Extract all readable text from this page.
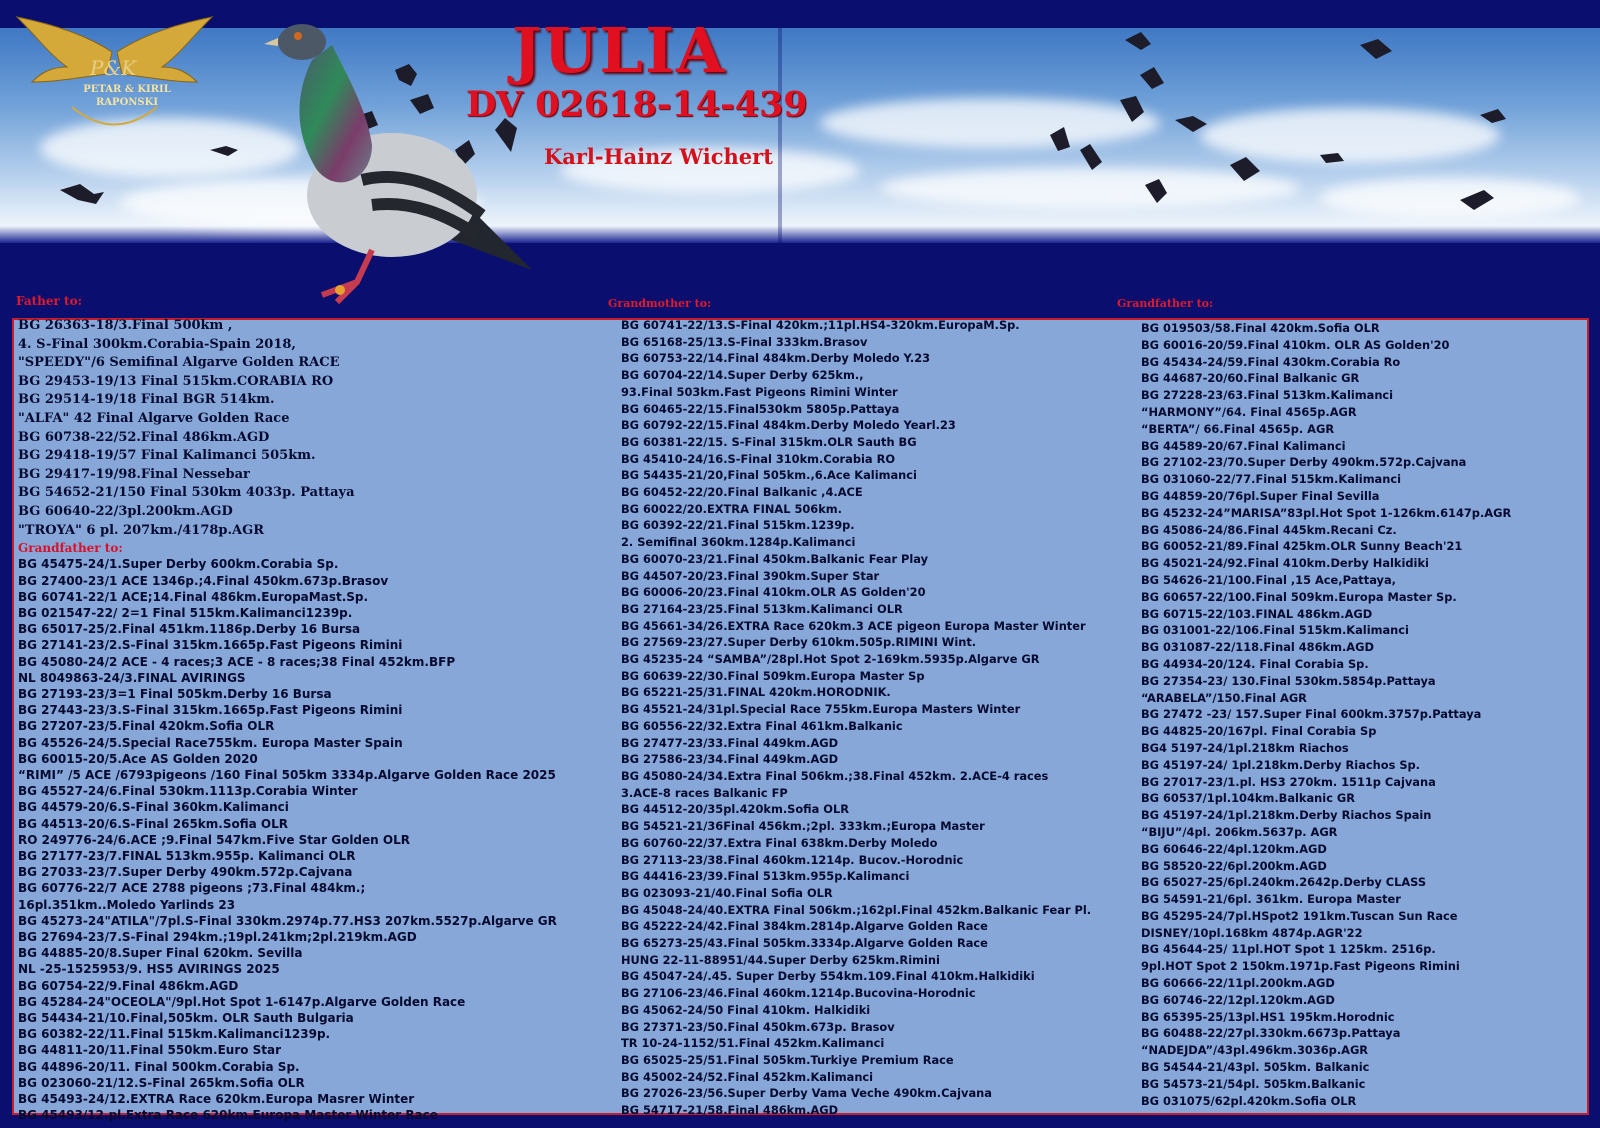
P&K
PETAR & KIRIL
RAPONSKI
JULIA
DV 02618-14-439
Karl-Hainz Wichert
Father to:	Grandmother to:	Grandfather to:
BG 26363-18/3.Final 500km ,
4. S-Final 300km.Corabia-Spain 2018,
"SPEEDY"/6 Semifinal Algarve Golden RACE
BG 29453-19/13 Final 515km.CORABIA RO
BG 29514-19/18 Final BGR 514km.
"ALFA" 42 Final Algarve Golden Race
BG 60738-22/52.Final 486km.AGD
BG 29418-19/57 Final Kalimanci 505km.
BG 29417-19/98.Final Nessebar
BG 54652-21/150 Final 530km 4033p. Pattaya
BG 60640-22/3pl.200km.AGD
"TROYA" 6 pl. 207km./4178p.AGR
Grandfather to:
BG 45475-24/1.Super Derby 600km.Corabia Sp.
BG 27400-23/1 ACE 1346p.;4.Final 450km.673p.Brasov
BG 60741-22/1 ACE;14.Final 486km.EuropaMast.Sp.
BG 021547-22/ 2=1 Final 515km.Kalimanci1239p.
BG 65017-25/2.Final 451km.1186p.Derby 16 Bursa
BG 27141-23/2.S-Final 315km.1665p.Fast Pigeons Rimini
BG 45080-24/2 ACE - 4 races;3 ACE - 8 races;38 Final 452km.BFP
NL 8049863-24/3.FINAL AVIRINGS
BG 27193-23/3=1 Final 505km.Derby 16 Bursa
BG 27443-23/3.S-Final 315km.1665p.Fast Pigeons Rimini
BG 27207-23/5.Final 420km.Sofia OLR
BG 45526-24/5.Special Race755km. Europa Master Spain
BG 60015-20/5.Ace AS Golden 2020
“RIMI” /5 ACE /6793pigeons /160 Final 505km 3334p.Algarve Golden Race 2025
BG 45527-24/6.Final 530km.1113p.Corabia Winter
BG 44579-20/6.S-Final 360km.Kalimanci
BG 44513-20/6.S-Final 265km.Sofia OLR
RO 249776-24/6.ACE ;9.Final 547km.Five Star Golden OLR
BG 27177-23/7.FINAL 513km.955p. Kalimanci OLR
BG 27033-23/7.Super Derby 490km.572p.Cajvana
BG 60776-22/7 ACE 2788 pigeons ;73.Final 484km.;
16pl.351km..Moledo Yarlinds 23
BG 45273-24"ATILA"/7pl.S-Final 330km.2974p.77.HS3 207km.5527p.Algarve GR
BG 27694-23/7.S-Final 294km.;19pl.241km;2pl.219km.AGD
BG 44885-20/8.Super Final 620km. Sevilla
NL -25-1525953/9. HS5 AVIRINGS 2025
BG 60754-22/9.Final 486km.AGD
BG 45284-24"OCEOLA"/9pl.Hot Spot 1-6147p.Algarve Golden Race
BG 54434-21/10.Final,505km. OLR Sauth Bulgaria
BG 60382-22/11.Final 515km.Kalimanci1239p.
BG 44811-20/11.Final 550km.Euro Star
BG 44896-20/11. Final 500km.Corabia Sp.
BG 023060-21/12.S-Final 265km.Sofia OLR
BG 45493-24/12.EXTRA Race 620km.Europa Masrer Winter
BG 45493/12.pl.Extra Race 620km.Europa Master Winter Race
BG 60741-22/13.S-Final 420km.;11pl.HS4-320km.EuropaM.Sp.
BG 65168-25/13.S-Final 333km.Brasov
BG 60753-22/14.Final 484km.Derby Moledo Y.23
BG 60704-22/14.Super Derby 625km.,
93.Final 503km.Fast Pigeons Rimini Winter
BG 60465-22/15.Final530km 5805p.Pattaya
BG 60792-22/15.Final 484km.Derby Moledo Yearl.23
BG 60381-22/15. S-Final 315km.OLR Sauth BG
BG 45410-24/16.S-Final 310km.Corabia RO
BG 54435-21/20,Final 505km.,6.Ace Kalimanci
BG 60452-22/20.Final Balkanic ,4.ACE
BG 60022/20.EXTRA FINAL 506km.
BG 60392-22/21.Final 515km.1239p.
2. Semifinal 360km.1284p.Kalimanci
BG 60070-23/21.Final 450km.Balkanic Fear Play
BG 44507-20/23.Final 390km.Super Star
BG 60006-20/23.Final 410km.OLR AS Golden'20
BG 27164-23/25.Final 513km.Kalimanci OLR
BG 45661-34/26.EXTRA Race 620km.3 ACE pigeon Europa Master Winter
BG 27569-23/27.Super Derby 610km.505p.RIMINI Wint.
BG 45235-24 “SAMBA”/28pl.Hot Spot 2-169km.5935p.Algarve GR
BG 60639-22/30.Final 509km.Europa Master Sp
BG 65221-25/31.FINAL 420km.HORODNIK.
BG 45521-24/31pl.Special Race 755km.Europa Masters Winter
BG 60556-22/32.Extra Final 461km.Balkanic
BG 27477-23/33.Final 449km.AGD
BG 27586-23/34.Final 449km.AGD
BG 45080-24/34.Extra Final 506km.;38.Final 452km. 2.ACE-4 races
3.ACE-8 races Balkanic FP
BG 44512-20/35pl.420km.Sofia OLR
BG 54521-21/36Final 456km.;2pl. 333km.;Europa Master
BG 60760-22/37.Extra Final 638km.Derby Moledo
BG 27113-23/38.Final 460km.1214p. Bucov.-Horodnic
BG 44416-23/39.Final 513km.955p.Kalimanci
BG 023093-21/40.Final Sofia OLR
BG 45048-24/40.EXTRA Final 506km.;162pl.Final 452km.Balkanic Fear Pl.
BG 45222-24/42.Final 384km.2814p.Algarve Golden Race
BG 65273-25/43.Final 505km.3334p.Algarve Golden Race
HUNG 22-11-88951/44.Super Derby 625km.Rimini
BG 45047-24/.45. Super Derby 554km.109.Final 410km.Halkidiki
BG 27106-23/46.Final 460km.1214p.Bucovina-Horodnic
BG 45062-24/50 Final 410km. Halkidiki
BG 27371-23/50.Final 450km.673p. Brasov
TR 10-24-1152/51.Final 452km.Kalimanci
BG 65025-25/51.Final 505km.Turkiye Premium Race
BG 45002-24/52.Final 452km.Kalimanci
BG 27026-23/56.Super Derby Vama Veche 490km.Cajvana
BG 54717-21/58.Final 486km.AGD
BG 019503/58.Final 420km.Sofia OLR
BG 60016-20/59.Final 410km. OLR AS Golden'20
BG 45434-24/59.Final 430km.Corabia Ro
BG 44687-20/60.Final Balkanic GR
BG 27228-23/63.Final 513km.Kalimanci
“HARMONY”/64. Final 4565p.AGR
“BERTA”/ 66.Final 4565p. AGR
BG 44589-20/67.Final Kalimanci
BG 27102-23/70.Super Derby 490km.572p.Cajvana
BG 031060-22/77.Final 515km.Kalimanci
BG 44859-20/76pl.Super Final Sevilla
BG 45232-24”MARISA”83pl.Hot Spot 1-126km.6147p.AGR
BG 45086-24/86.Final 445km.Recani Cz.
BG 60052-21/89.Final 425km.OLR Sunny Beach'21
BG 45021-24/92.Final 410km.Derby Halkidiki
BG 54626-21/100.Final ,15 Ace,Pattaya,
BG 60657-22/100.Final 509km.Europa Master Sp.
BG 60715-22/103.FINAL 486km.AGD
BG 031001-22/106.Final 515km.Kalimanci
BG 031087-22/118.Final 486km.AGD
BG 44934-20/124. Final Corabia Sp.
BG 27354-23/ 130.Final 530km.5854p.Pattaya
“ARABELA”/150.Final AGR
BG 27472 -23/ 157.Super Final 600km.3757p.Pattaya
BG 44825-20/167pl. Final Corabia Sp
BG4 5197-24/1pl.218km Riachos
BG 45197-24/ 1pl.218km.Derby Riachos Sp.
BG 27017-23/1.pl. HS3 270km. 1511p Cajvana
BG 60537/1pl.104km.Balkanic GR
BG 45197-24/1pl.218km.Derby Riachos Spain
“BIJU”/4pl. 206km.5637p. AGR
BG 60646-22/4pl.120km.AGD
BG 58520-22/6pl.200km.AGD
BG 65027-25/6pl.240km.2642p.Derby CLASS
BG 54591-21/6pl. 361km. Europa Master
BG 45295-24/7pl.HSpot2 191km.Tuscan Sun Race
DISNEY/10pl.168km 4874p.AGR'22
BG 45644-25/ 11pl.HOT Spot 1 125km. 2516p.
9pl.HOT Spot 2 150km.1971p.Fast Pigeons Rimini
BG 60666-22/11pl.200km.AGD
BG 60746-22/12pl.120km.AGD
BG 65395-25/13pl.HS1 195km.Horodnic
BG 60488-22/27pl.330km.6673p.Pattaya
“NADEJDA”/43pl.496km.3036p.AGR
BG 54544-21/43pl. 505km. Balkanic
BG 54573-21/54pl. 505km.Balkanic
BG 031075/62pl.420km.Sofia OLR
